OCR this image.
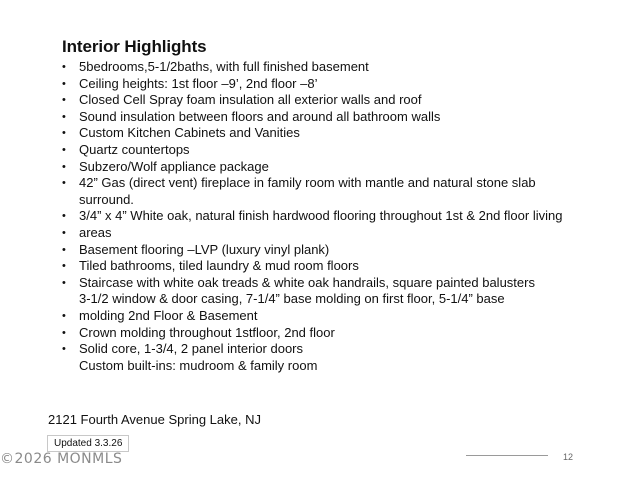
Interior Highlights
• 5bedrooms,5-1/2baths, with full finished basement
• Ceiling heights: 1st floor –9’, 2nd floor –8’
• Closed Cell Spray foam insulation all exterior walls and roof
• Sound insulation between floors and around all bathroom walls
• Custom Kitchen Cabinets and Vanities
• Quartz countertops
• Subzero/Wolf appliance package
• 42” Gas (direct vent) fireplace in family room with mantle and natural stone slab
surround.
• 3/4” x 4” White oak, natural finish hardwood flooring throughout 1st & 2nd floor living
• areas
• Basement flooring –LVP (luxury vinyl plank)
• Tiled bathrooms, tiled laundry & mud room floors
• Staircase with white oak treads & white oak handrails, square painted balusters
3-1/2 window & door casing, 7-1/4” base molding on first floor, 5-1/4” base
• molding 2nd Floor & Basement
• Crown molding throughout 1stfloor, 2nd floor
• Solid core, 1-3/4, 2 panel interior doors
Custom built-ins: mudroom & family room
2121 Fourth Avenue Spring Lake, NJ
Updated 3.3.26
©2026 MONMLS	12
